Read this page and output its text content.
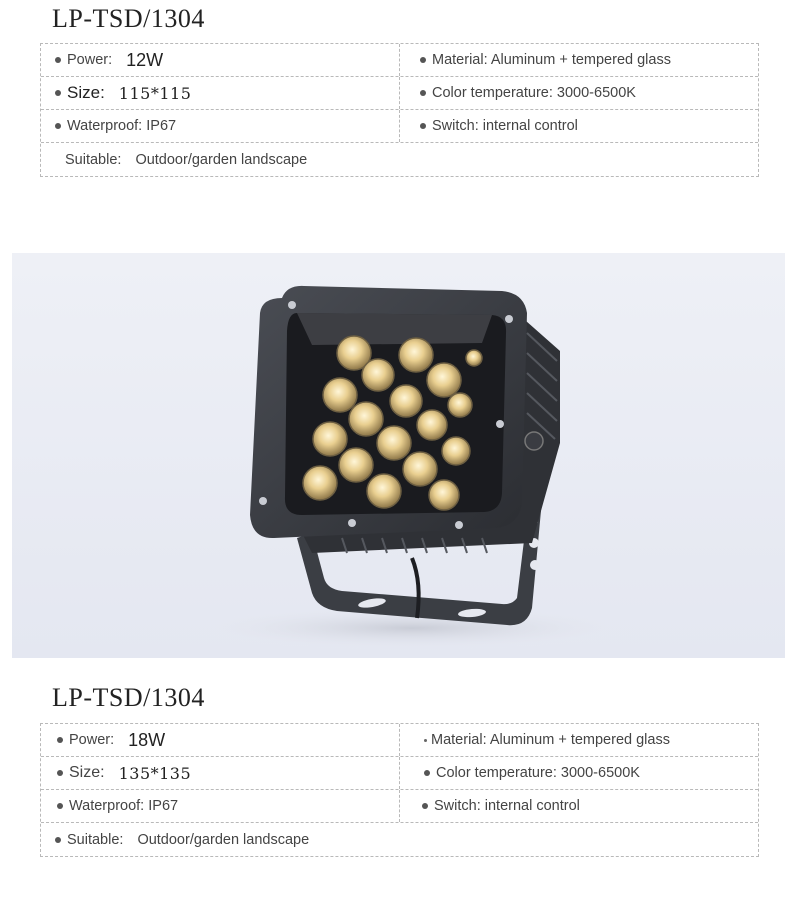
LP-TSD/1304
Power: 12W	Material: Aluminum + tempered glass
Size: 115*115	Color temperature: 3000-6500K
Waterproof: IP67	Switch: internal control
Suitable: Outdoor/garden landscape
LP-TSD/1304
Power: 18W	Material: Aluminum + tempered glass
Size: 135*135	Color temperature: 3000-6500K
Waterproof: IP67	Switch: internal control
Suitable: Outdoor/garden landscape
